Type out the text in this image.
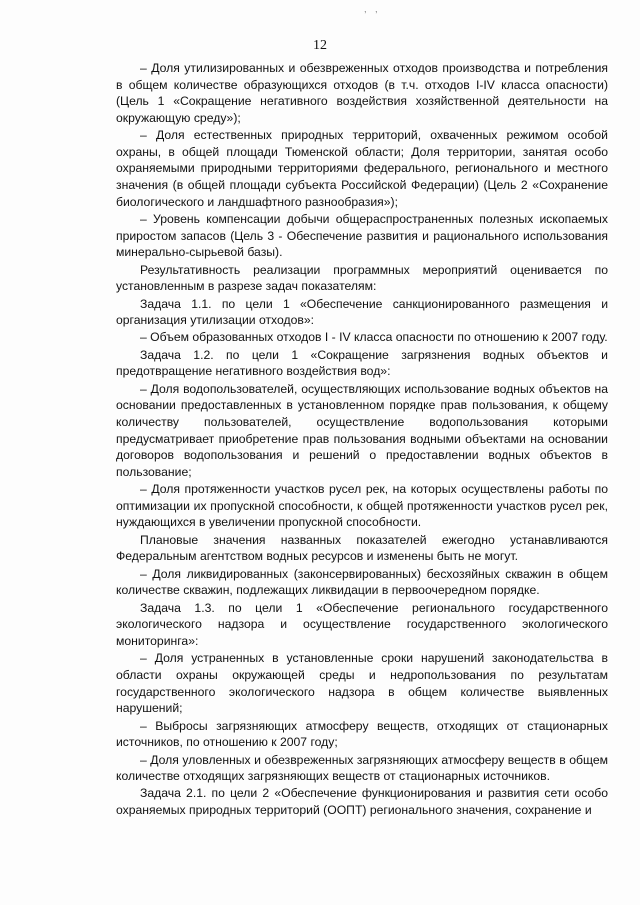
, ,
12

– Доля утилизированных и обезвреженных отходов производства и потребления в общем количестве образующихся отходов (в т.ч. отходов I-IV класса опасности) (Цель 1 «Сокращение негативного воздействия хозяйственной деятельности на окружающую среду»);

– Доля естественных природных территорий, охваченных режимом особой охраны, в общей площади Тюменской области; Доля территории, занятая особо охраняемыми природными территориями федерального, регионального и местного значения (в общей площади субъекта Российской Федерации) (Цель 2 «Сохранение биологического и ландшафтного разнообразия»);

– Уровень компенсации добычи общераспространенных полезных ископаемых приростом запасов (Цель 3 - Обеспечение развития и рационального использования минерально-сырьевой базы).

Результативность реализации программных мероприятий оценивается по установленным в разрезе задач показателям:

Задача 1.1. по цели 1 «Обеспечение санкционированного размещения и организация утилизации отходов»:

– Объем образованных отходов I - IV класса опасности по отношению к 2007 году.

Задача 1.2. по цели 1 «Сокращение загрязнения водных объектов и предотвращение негативного воздействия вод»:

– Доля водопользователей, осуществляющих использование водных объектов на основании предоставленных в установленном порядке прав пользования, к общему количеству пользователей, осуществление водопользования которыми предусматривает приобретение прав пользования водными объектами на основании договоров водопользования и решений о предоставлении водных объектов в пользование;

– Доля протяженности участков русел рек, на которых осуществлены работы по оптимизации их пропускной способности, к общей протяженности участков русел рек, нуждающихся в увеличении пропускной способности.

Плановые значения названных показателей ежегодно устанавливаются Федеральным агентством водных ресурсов и изменены быть не могут.

– Доля ликвидированных (законсервированных) бесхозяйных скважин в общем количестве скважин, подлежащих ликвидации в первоочередном порядке.

Задача 1.3. по цели 1 «Обеспечение регионального государственного экологического надзора и осуществление государственного экологического мониторинга»:

– Доля устраненных в установленные сроки нарушений законодательства в области охраны окружающей среды и недропользования по результатам государственного экологического надзора в общем количестве выявленных нарушений;

– Выбросы загрязняющих атмосферу веществ, отходящих от стационарных источников, по отношению к 2007 году;

– Доля уловленных и обезвреженных загрязняющих атмосферу веществ в общем количестве отходящих загрязняющих веществ от стационарных источников.

Задача 2.1. по цели 2 «Обеспечение функционирования и развития сети особо охраняемых природных территорий (ООПТ) регионального значения, сохранение и
